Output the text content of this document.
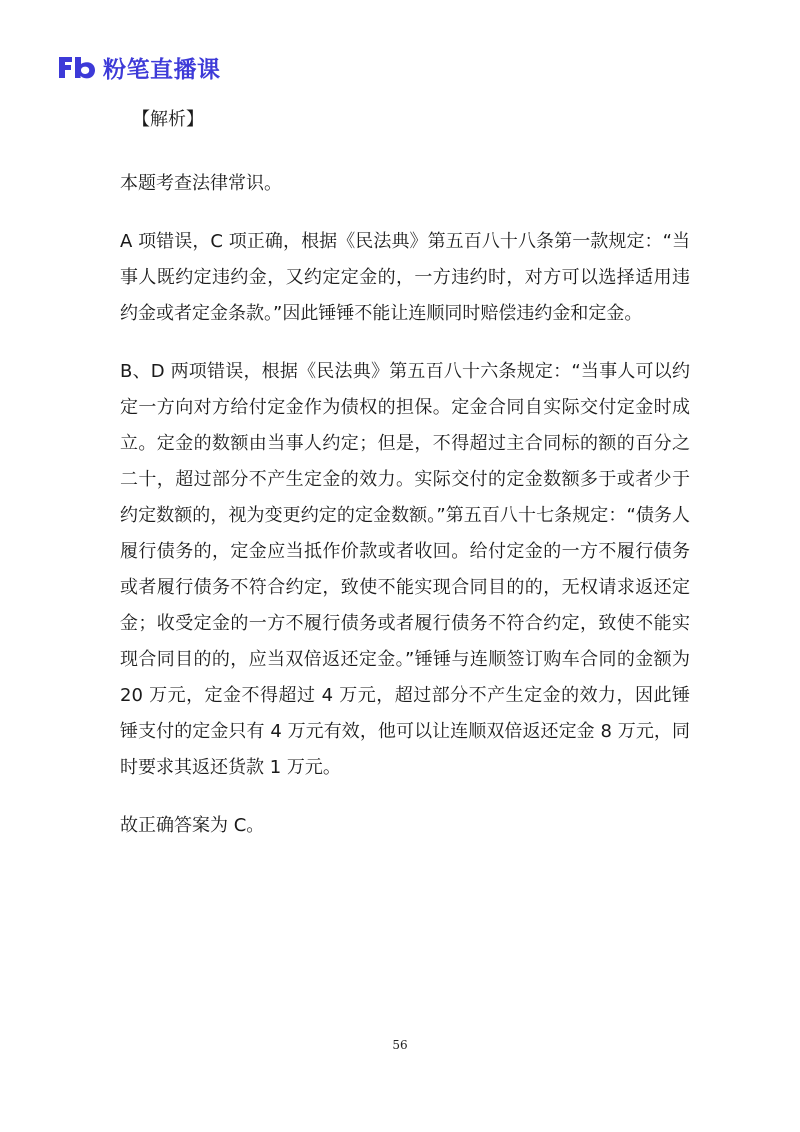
粉笔直播课
【解析】

本题考查法律常识。

A 项错误，C 项正确，根据《民法典》第五百八十八条第一款规定：“当事人既约定违约金，又约定定金的，一方违约时，对方可以选择适用违约金或者定金条款。”因此锤锤不能让连顺同时赔偿违约金和定金。

B、D 两项错误，根据《民法典》第五百八十六条规定：“当事人可以约定一方向对方给付定金作为债权的担保。定金合同自实际交付定金时成立。定金的数额由当事人约定；但是，不得超过主合同标的额的百分之二十，超过部分不产生定金的效力。实际交付的定金数额多于或者少于约定数额的，视为变更约定的定金数额。”第五百八十七条规定：“债务人履行债务的，定金应当抵作价款或者收回。给付定金的一方不履行债务或者履行债务不符合约定，致使不能实现合同目的的，无权请求返还定金；收受定金的一方不履行债务或者履行债务不符合约定，致使不能实现合同目的的，应当双倍返还定金。”锤锤与连顺签订购车合同的金额为 20 万元，定金不得超过 4 万元，超过部分不产生定金的效力，因此锤锤支付的定金只有 4 万元有效，他可以让连顺双倍返还定金 8 万元，同时要求其返还货款 1 万元。

故正确答案为 C。

56
